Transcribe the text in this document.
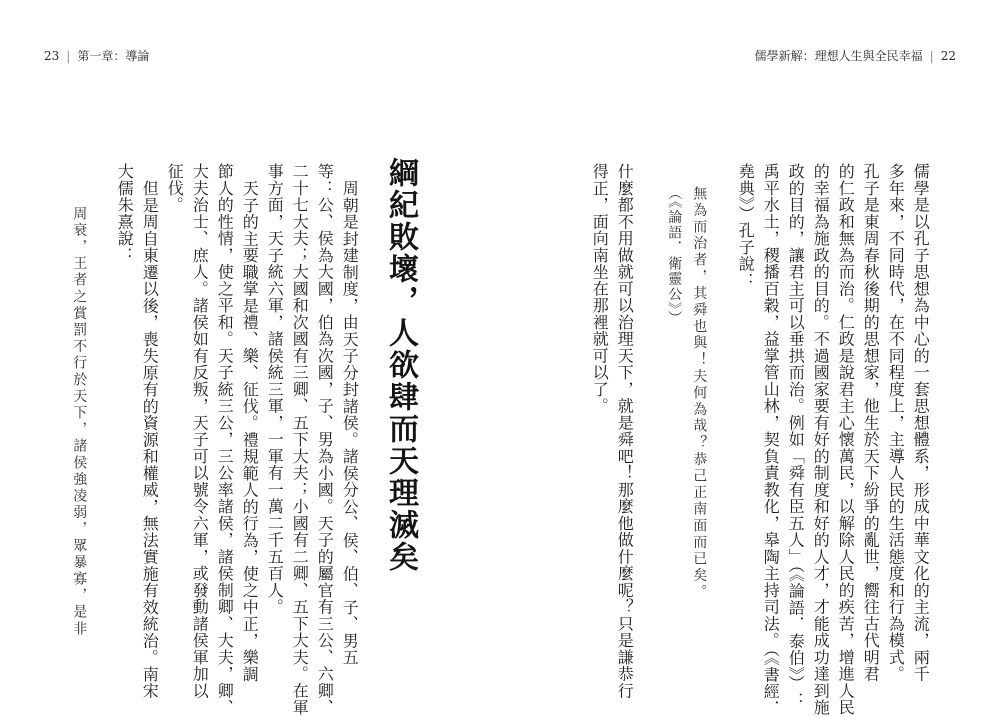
23 | 第一章：導論
綱紀敗壞，人欲肆而天理滅矣
周朝是封建制度，由天子分封諸侯。諸侯分公、侯、伯、子、男五
等：公、侯為大國，伯為次國，子、男為小國。天子的屬官有三公、六卿、
二十七大夫；大國和次國有三卿、五下大夫；小國有二卿、五下大夫。在軍
事方面，天子統六軍，諸侯統三軍，一軍有一萬二千五百人。
天子的主要職掌是禮、樂、征伐。禮規範人的行為，使之中正，樂調
節人的性情，使之平和。天子統三公，三公率諸侯，諸侯制卿、大夫，卿、
大夫治士、庶人。諸侯如有反叛，天子可以號令六軍，或發動諸侯軍加以
征伐。
但是周自東遷以後，喪失原有的資源和權威，無法實施有效統治。南宋
大儒朱熹說：
周衰，王者之賞罰不行於天下，諸侯強凌弱，眾暴寡，是非
儒學新解：理想人生與全民幸福 | 22
儒學是以孔子思想為中心的一套思想體系，形成中華文化的主流，兩千
多年來，不同時代，在不同程度上，主導人民的生活態度和行為模式。
孔子是東周春秋後期的思想家，他生於天下紛爭的亂世，嚮往古代明君
的仁政和無為而治。仁政是說君主心懷萬民，以解除人民的疾苦，增進人民
的幸福為施政的目的。不過國家要有好的制度和好的人才，才能成功達到施
政的目的，讓君主可以垂拱而治。例如「舜有臣五人」（《論語．泰伯》）：
禹平水土，稷播百穀，益掌管山林，契負責教化，皋陶主持司法。（《書經．
堯典》）孔子說：
無為而治者，其舜也與！夫何為哉？恭己正南面而已矣。
（《論語．衛靈公》）
什麼都不用做就可以治理天下，就是舜吧！那麼他做什麼呢？只是謙恭行
得正，面向南坐在那裡就可以了。
